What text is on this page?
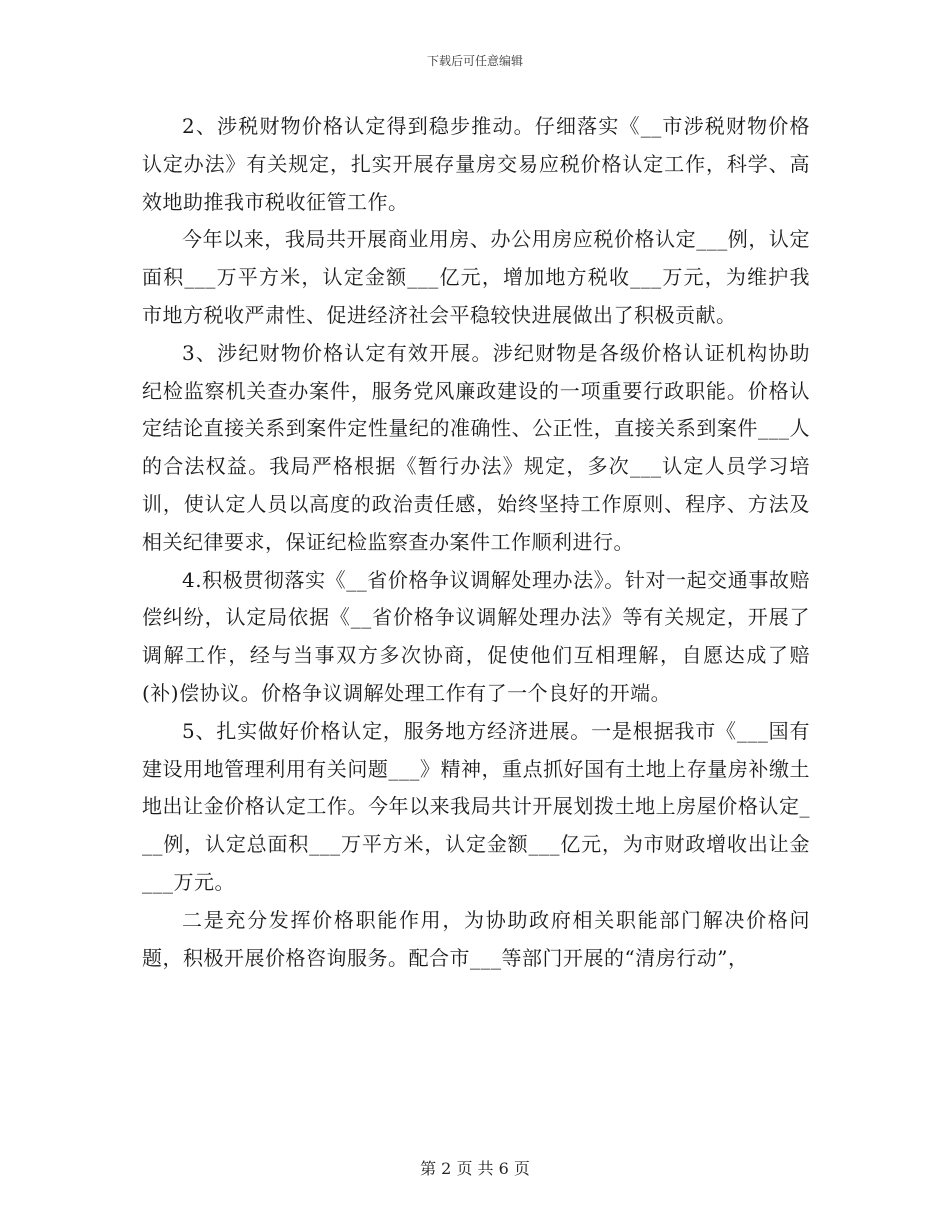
下载后可任意编辑

2、涉税财物价格认定得到稳步推动。仔细落实《__市涉税财物价格认定办法》有关规定，扎实开展存量房交易应税价格认定工作，科学、高效地助推我市税收征管工作。

今年以来，我局共开展商业用房、办公用房应税价格认定___例，认定面积___万平方米，认定金额___亿元，增加地方税收___万元，为维护我市地方税收严肃性、促进经济社会平稳较快进展做出了积极贡献。

3、涉纪财物价格认定有效开展。涉纪财物是各级价格认证机构协助纪检监察机关查办案件，服务党风廉政建设的一项重要行政职能。价格认定结论直接关系到案件定性量纪的准确性、公正性，直接关系到案件___人的合法权益。我局严格根据《暂行办法》规定，多次___认定人员学习培训，使认定人员以高度的政治责任感，始终坚持工作原则、程序、方法及相关纪律要求，保证纪检监察查办案件工作顺利进行。

4.积极贯彻落实《__省价格争议调解处理办法》。针对一起交通事故赔偿纠纷，认定局依据《__省价格争议调解处理办法》等有关规定，开展了调解工作，经与当事双方多次协商，促使他们互相理解，自愿达成了赔(补)偿协议。价格争议调解处理工作有了一个良好的开端。

5、扎实做好价格认定，服务地方经济进展。一是根据我市《___国有建设用地管理利用有关问题___》精神，重点抓好国有土地上存量房补缴土地出让金价格认定工作。今年以来我局共计开展划拨土地上房屋价格认定___例，认定总面积___万平方米，认定金额___亿元，为市财政增收出让金___万元。

二是充分发挥价格职能作用，为协助政府相关职能部门解决价格问题，积极开展价格咨询服务。配合市___等部门开展的“清房行动”，

第 2 页 共 6 页
